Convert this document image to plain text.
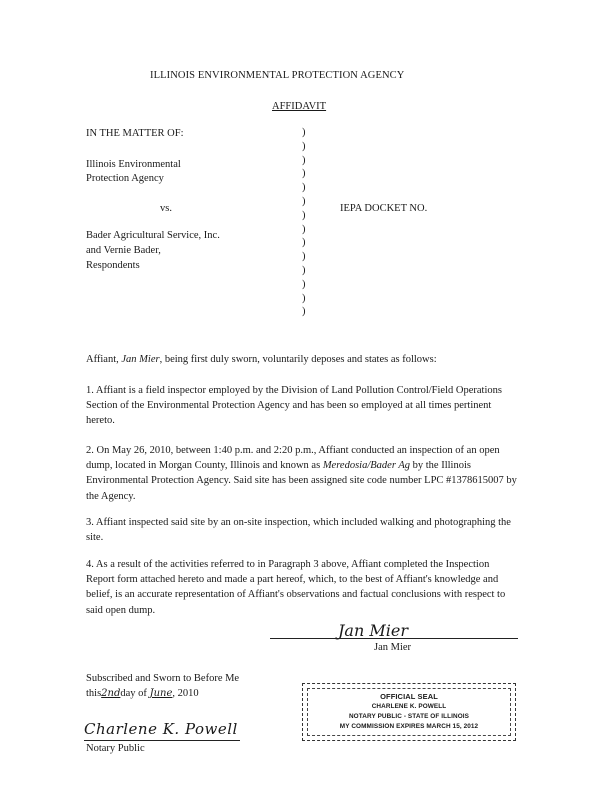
ILLINOIS ENVIRONMENTAL PROTECTION AGENCY
AFFIDAVIT
IN THE MATTER OF:
Illinois Environmental
Protection Agency
vs.	IEPA DOCKET NO.
Bader Agricultural Service, Inc.
and Vernie Bader,
Respondents
)
)
)
)
)
)
)
)
)
)
)
)
)
)
Affiant, Jan Mier, being first duly sworn, voluntarily deposes and states as follows:
1. Affiant is a field inspector employed by the Division of Land Pollution Control/Field Operations Section of the Environmental Protection Agency and has been so employed at all times pertinent hereto.
2. On May 26, 2010, between 1:40 p.m. and 2:20 p.m., Affiant conducted an inspection of an open dump, located in Morgan County, Illinois and known as Meredosia/Bader Ag by the Illinois Environmental Protection Agency. Said site has been assigned site code number LPC #1378615007 by the Agency.
3. Affiant inspected said site by an on-site inspection, which included walking and photographing the site.
4. As a result of the activities referred to in Paragraph 3 above, Affiant completed the Inspection Report form attached hereto and made a part hereof, which, to the best of Affiant's knowledge and belief, is an accurate representation of Affiant's observations and factual conclusions with respect to said open dump.
Jan Mier
Jan Mier
Subscribed and Sworn to Before Me
this2ndday of June, 2010
Charlene K. Powell
Notary Public
OFFICIAL SEAL
CHARLENE K. POWELL
NOTARY PUBLIC - STATE OF ILLINOIS
MY COMMISSION EXPIRES MARCH 15, 2012
